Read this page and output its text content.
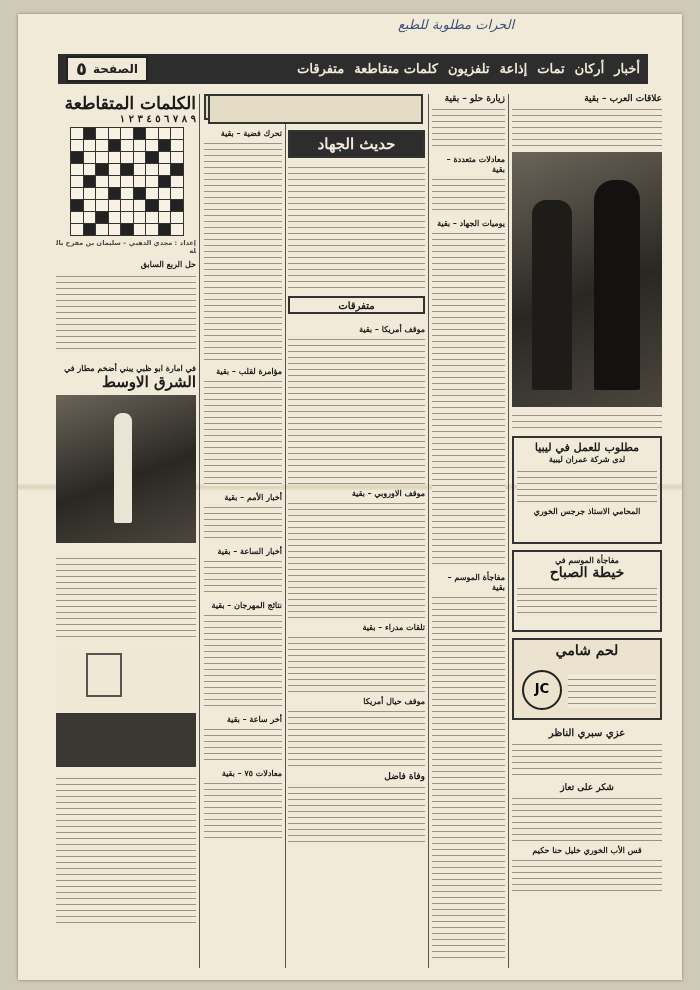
الحرات مطلوبة للطبع
أخبار
أركان
تمات
إذاعة
تلفزيون
كلمات متقاطعة
متفرقات
الصفحة
٥
الكلمات المتقاطعة
٩ ٨ ٧ ٦ ٥ ٤ ٣ ٢ ١
إعداد : مجدي الدهبي – سليمان بن مفرح بالله
حل الربع السابق
في امارة ابو ظبي يبني أضخم مطار في
الشرق الاوسط
تحرك فضية – بقية
مؤامرة لقلب – بقية
أخبار الأمم – بقية
أخبار الساعة – بقية
نتائج المهرجان – بقية
أخر ساعة – بقية
معادلات ٧٥ – بقية
حديث الجهاد
متفرقات
موقف أمريكا – بقية
موقف الاوروبي – بقية
تلقات مدراء – بقية
موقف حيال أمريكا
وفاة فاضل
زيارة حلو – بقية
معادلات متعددة – بقية
يوميات الجهاد – بقية
مفاجأة الموسم – بقية
علاقات العرب – بقية
مطلوب للعمل في ليبيا
لدى شركة عمران ليبية
المحامي الاستاذ جرجس الخوري
مفاجأة الموسم في
خيطة الصباح
لحم شامي
JC
عزي سبري الناظر
شكر على تعاز
قس الأب الخوري خليل حنا حكيم
